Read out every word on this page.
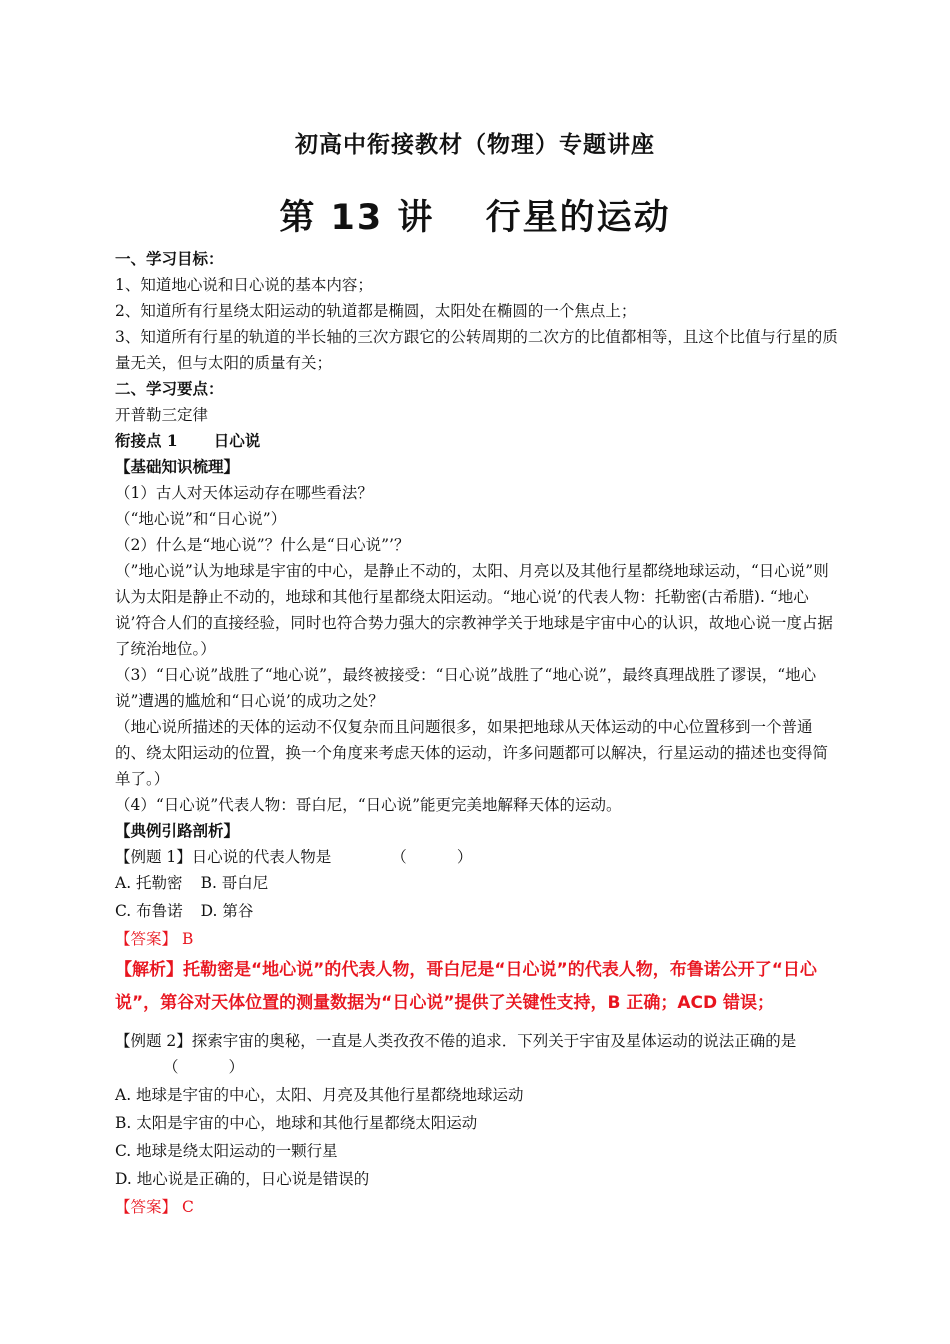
初高中衔接教材（物理）专题讲座
第 13 讲　 行星的运动

一、学习目标：

1、知道地心说和日心说的基本内容；

2、知道所有行星绕太阳运动的轨道都是椭圆，太阳处在椭圆的一个焦点上；

3、知道所有行星的轨道的半长轴的三次方跟它的公转周期的二次方的比值都相等，且这个比值与行星的质量无关，但与太阳的质量有关；

二、学习要点：

开普勒三定律

衔接点 1 日心说

【基础知识梳理】

（1）古人对天体运动存在哪些看法？

（“地心说”和“日心说”）

（2）什么是“地心说”？什么是“日心说”’？

（”地心说”认为地球是宇宙的中心，是静止不动的，太阳、月亮以及其他行星都绕地球运动，“日心说”则认为太阳是静止不动的，地球和其他行星都绕太阳运动。“地心说’的代表人物：托勒密(古希腊). “地心说’符合人们的直接经验，同时也符合势力强大的宗教神学关于地球是宇宙中心的认识，故地心说一度占据了统治地位。）

（3）“日心说”战胜了“地心说”，最终被接受：“日心说”战胜了“地心说”，最终真理战胜了谬误，“地心说”遭遇的尴尬和“日心说’的成功之处？

（地心说所描述的天体的运动不仅复杂而且问题很多，如果把地球从天体运动的中心位置移到一个普通的、绕太阳运动的位置，换一个角度来考虑天体的运动，许多问题都可以解决，行星运动的描述也变得简单了。）

（4）“日心说”代表人物：哥白尼，“日心说”能更完美地解释天体的运动。

【典例引路剖析】

【例题 1】日心说的代表人物是	（	）

A. 托勒密 B. 哥白尼

C. 布鲁诺 D. 第谷

【答案】 B

【解析】托勒密是“地心说”的代表人物，哥白尼是“日心说”的代表人物，布鲁诺公开了“日心说”，第谷对天体位置的测量数据为“日心说”提供了关键性支持，B 正确；ACD 错误；

【例题 2】探索宇宙的奥秘，一直是人类孜孜不倦的追求．下列关于宇宙及星体运动的说法正确的是（	）

A. 地球是宇宙的中心，太阳、月亮及其他行星都绕地球运动

B. 太阳是宇宙的中心，地球和其他行星都绕太阳运动

C. 地球是绕太阳运动的一颗行星

D. 地心说是正确的，日心说是错误的

【答案】 C
